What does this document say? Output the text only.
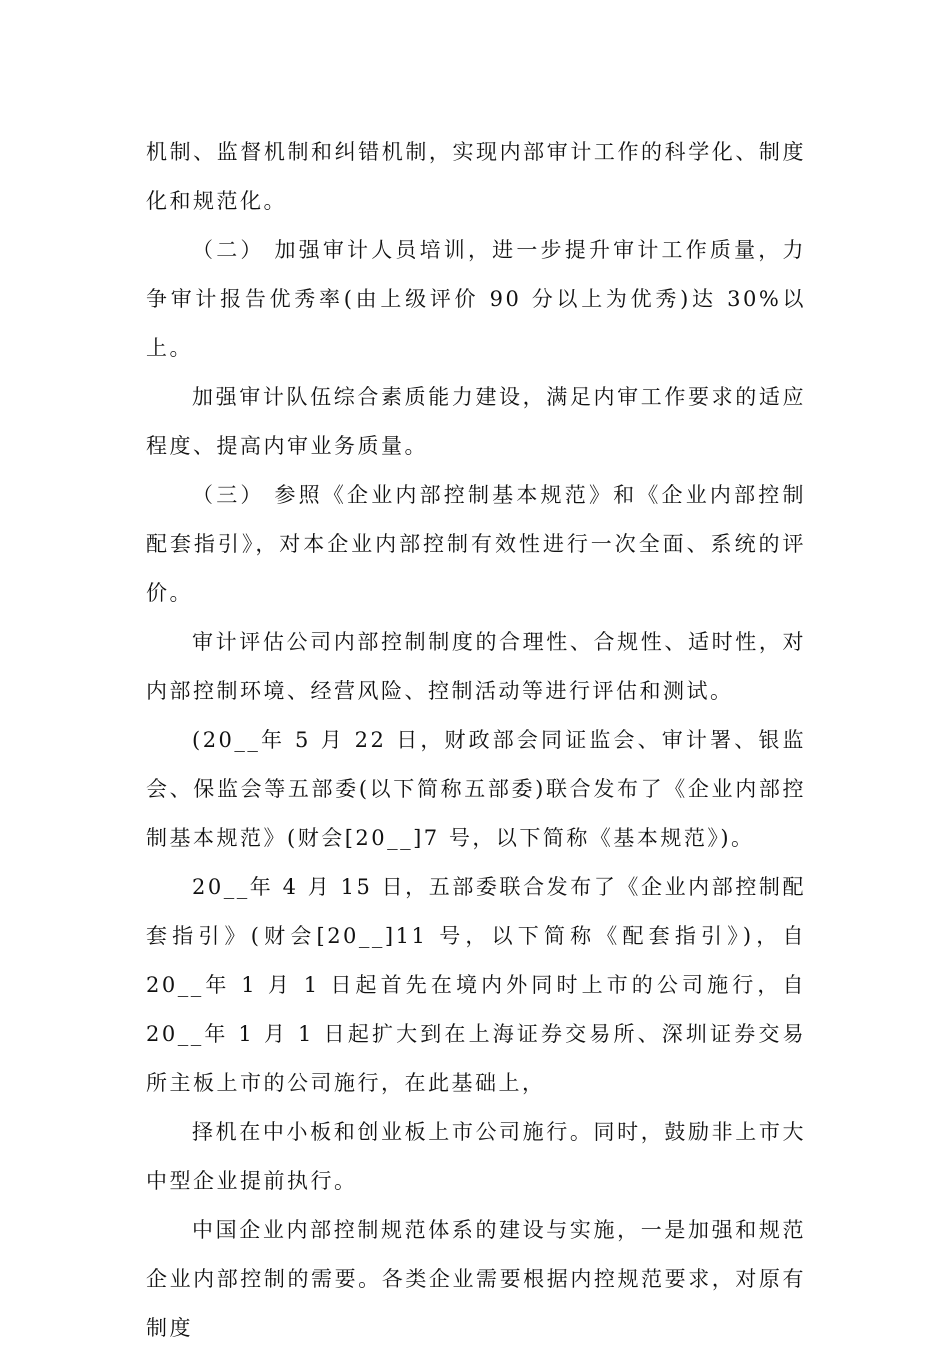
机制、监督机制和纠错机制，实现内部审计工作的科学化、制度化和规范化。

（二） 加强审计人员培训，进一步提升审计工作质量，力争审计报告优秀率(由上级评价 90 分以上为优秀)达 30%以上。

加强审计队伍综合素质能力建设，满足内审工作要求的适应程度、提高内审业务质量。

（三） 参照《企业内部控制基本规范》和《企业内部控制配套指引》，对本企业内部控制有效性进行一次全面、系统的评价。

审计评估公司内部控制制度的合理性、合规性、适时性，对内部控制环境、经营风险、控制活动等进行评估和测试。

(20__年 5 月 22 日，财政部会同证监会、审计署、银监会、保监会等五部委(以下简称五部委)联合发布了《企业内部控制基本规范》(财会[20__]7 号，以下简称《基本规范》)。

20__年 4 月 15 日，五部委联合发布了《企业内部控制配套指引》(财会[20__]11 号，以下简称《配套指引》)，自 20__年 1 月 1 日起首先在境内外同时上市的公司施行，自 20__年 1 月 1 日起扩大到在上海证券交易所、深圳证券交易所主板上市的公司施行，在此基础上，

择机在中小板和创业板上市公司施行。同时，鼓励非上市大中型企业提前执行。

中国企业内部控制规范体系的建设与实施，一是加强和规范企业内部控制的需要。各类企业需要根据内控规范要求，对原有制度
